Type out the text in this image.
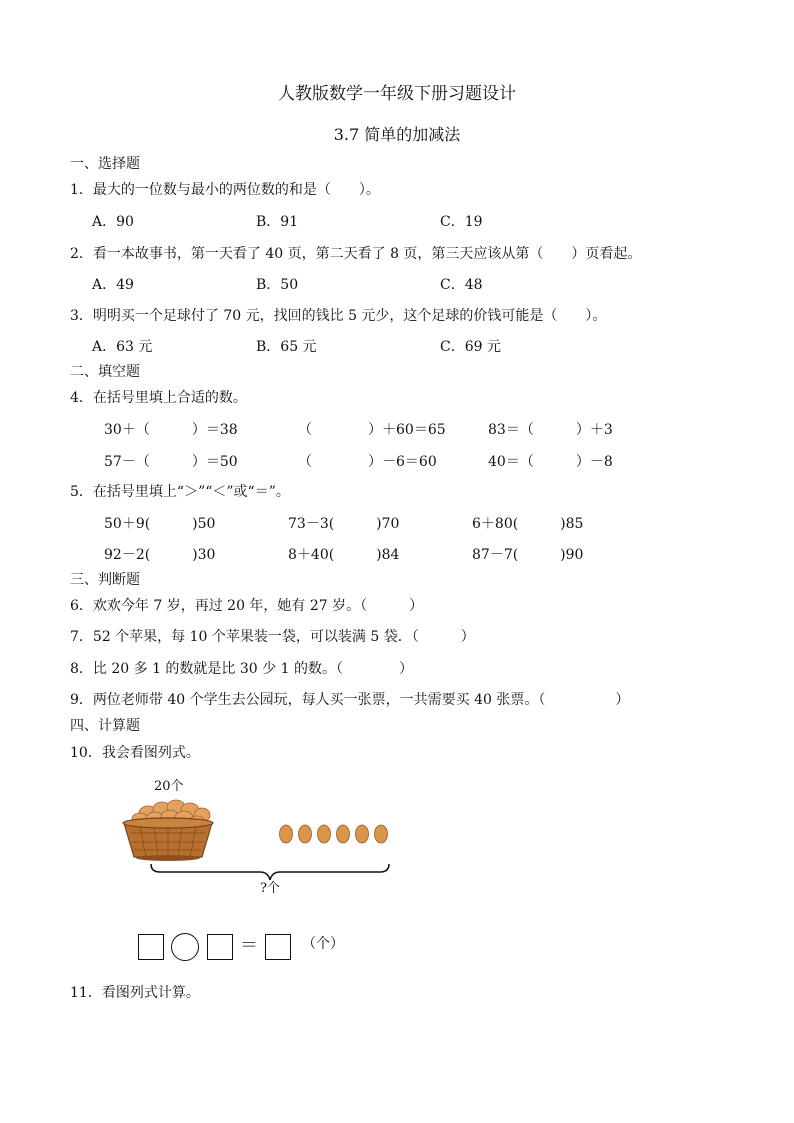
人教版数学一年级下册习题设计
3.7 简单的加减法
一、选择题
1．最大的一位数与最小的两位数的和是（　　）。
A．90	B．91	C．19
2．看一本故事书，第一天看了 40 页，第二天看了 8 页，第三天应该从第（　　）页看起。
A．49	B．50	C．48
3．明明买一个足球付了 70 元，找回的钱比 5 元少，这个足球的价钱可能是（　　）。
A．63 元	B．65 元	C．69 元
二、填空题
4．在括号里填上合适的数。
30＋（　　　）＝38	（　　　　）＋60＝65	83＝（　　　）＋3
57－（　　　）＝50	（　　　　）－6＝60	40＝（　　　）－8
5．在括号里填上“＞”“＜”或“＝”。
50＋9(　　　)50	73－3(　　　)70	6＋80(　　　)85
92－2(　　　)30	8＋40(　　　)84	87－7(　　　)90
三、判断题
6．欢欢今年 7 岁，再过 20 年，她有 27 岁。（　　　）
7．52 个苹果，每 10 个苹果装一袋，可以装满 5 袋．（　　　）
8．比 20 多 1 的数就是比 30 少 1 的数。（　　　　）
9．两位老师带 40 个学生去公园玩，每人买一张票，一共需要买 40 张票。（　　　　　）
四、计算题
10．我会看图列式。
20个
?个
＝	（个）
11．看图列式计算。
